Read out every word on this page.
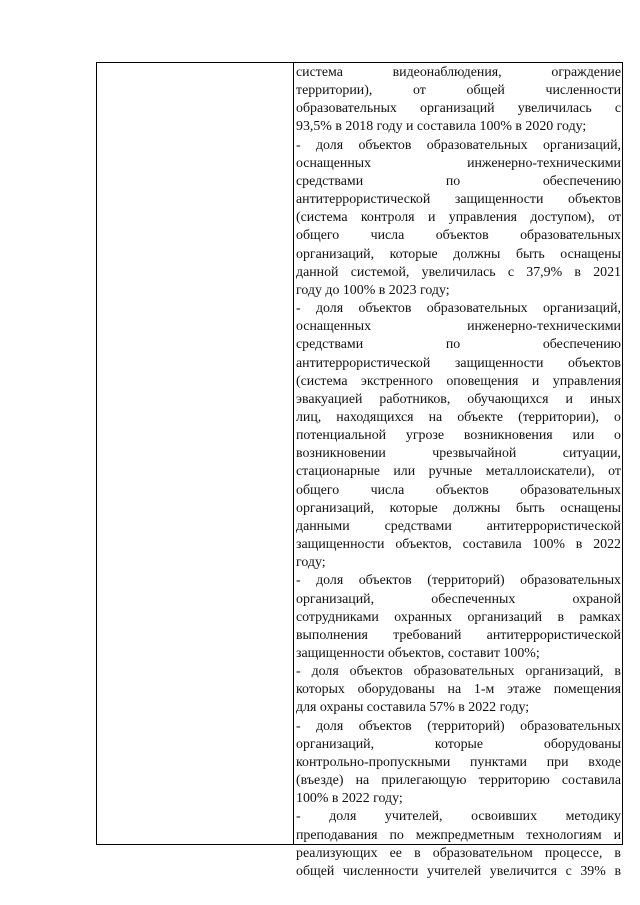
система видеонаблюдения, ограждение
территории), от общей численности
образовательных организаций увеличилась с
93,5% в 2018 году и составила 100% в 2020 году;
- доля объектов образовательных организаций,
оснащенных инженерно-техническими
средствами по обеспечению
антитеррористической защищенности объектов
(система контроля и управления доступом), от
общего числа объектов образовательных
организаций, которые должны быть оснащены
данной системой, увеличилась с 37,9% в 2021
году до 100% в 2023 году;
- доля объектов образовательных организаций,
оснащенных инженерно-техническими
средствами по обеспечению
антитеррористической защищенности объектов
(система экстренного оповещения и управления
эвакуацией работников, обучающихся и иных
лиц, находящихся на объекте (территории), о
потенциальной угрозе возникновения или о
возникновении чрезвычайной ситуации,
стационарные или ручные металлоискатели), от
общего числа объектов образовательных
организаций, которые должны быть оснащены
данными средствами антитеррористической
защищенности объектов, составила 100% в 2022
году;
- доля объектов (территорий) образовательных
организаций, обеспеченных охраной
сотрудниками охранных организаций в рамках
выполнения требований антитеррористической
защищенности объектов, составит 100%;
- доля объектов образовательных организаций, в
которых оборудованы на 1-м этаже помещения
для охраны составила 57% в 2022 году;
- доля объектов (территорий) образовательных
организаций, которые оборудованы
контрольно-пропускными пунктами при входе
(въезде) на прилегающую территорию составила
100% в 2022 году;
- доля учителей, освоивших методику
преподавания по межпредметным технологиям и
реализующих ее в образовательном процессе, в
общей численности учителей увеличится с 39% в
